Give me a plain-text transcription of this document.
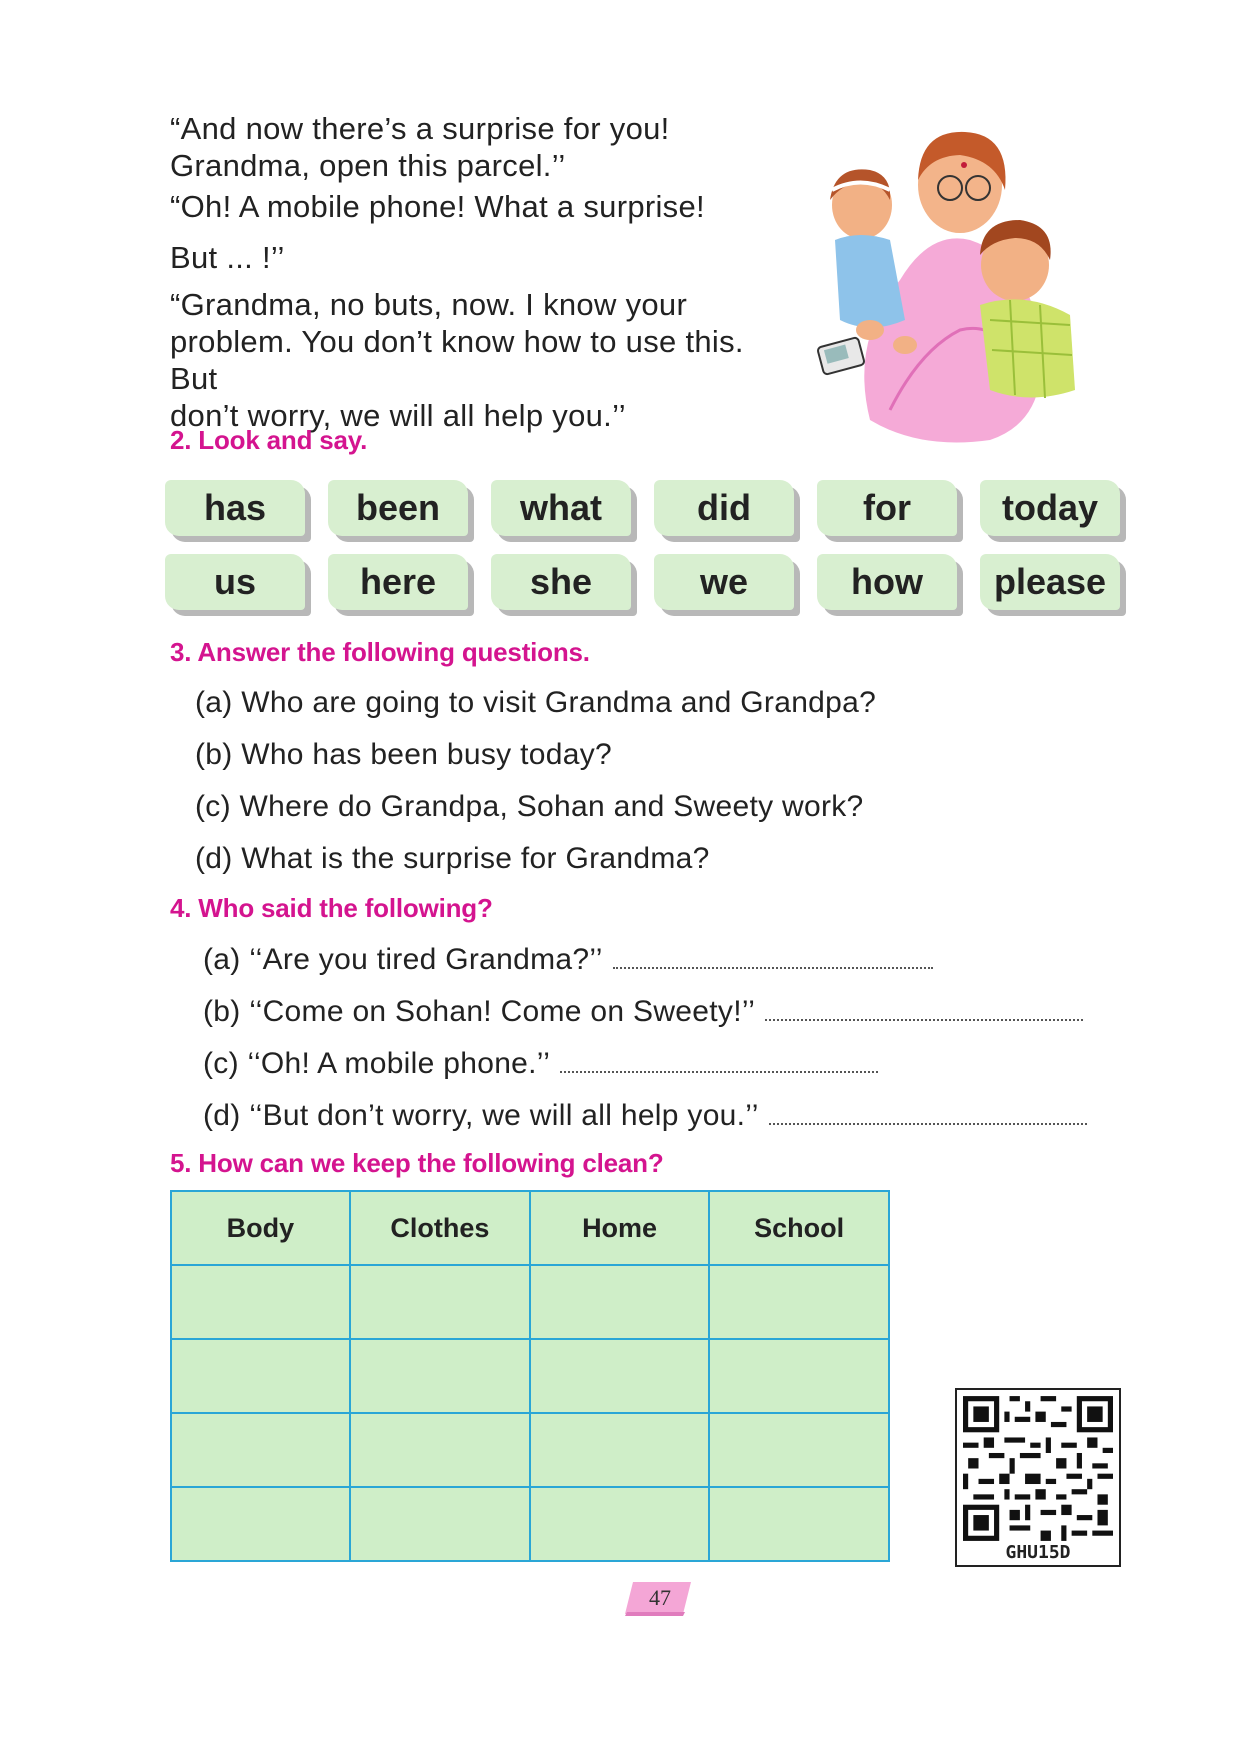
“And now there’s a surprise for you!

Grandma, open this parcel.’’

“Oh! A mobile phone! What a surprise!

But ... !’’

“Grandma, no buts, now. I know your

problem. You don’t know how to use this. But

don’t worry, we will all help you.’’

2. Look and say.
has	been	what	did	for	today
us	here	she	we	how	please
3. Answer the following questions.
(a) Who are going to visit Grandma and Grandpa?
(b) Who has been busy today?
(c) Where do Grandpa, Sohan and Sweety work?
(d) What is the surprise for Grandma?
4. Who said the following?
(a) ‘‘Are you tired Grandma?’’
(b) ‘‘Come on Sohan! Come on Sweety!’’
(c) ‘‘Oh! A mobile phone.’’
(d) ‘‘But don’t worry, we will all help you.’’
5. How can we keep the following clean?
Body	Clothes	Home	School

GHU15D
47
